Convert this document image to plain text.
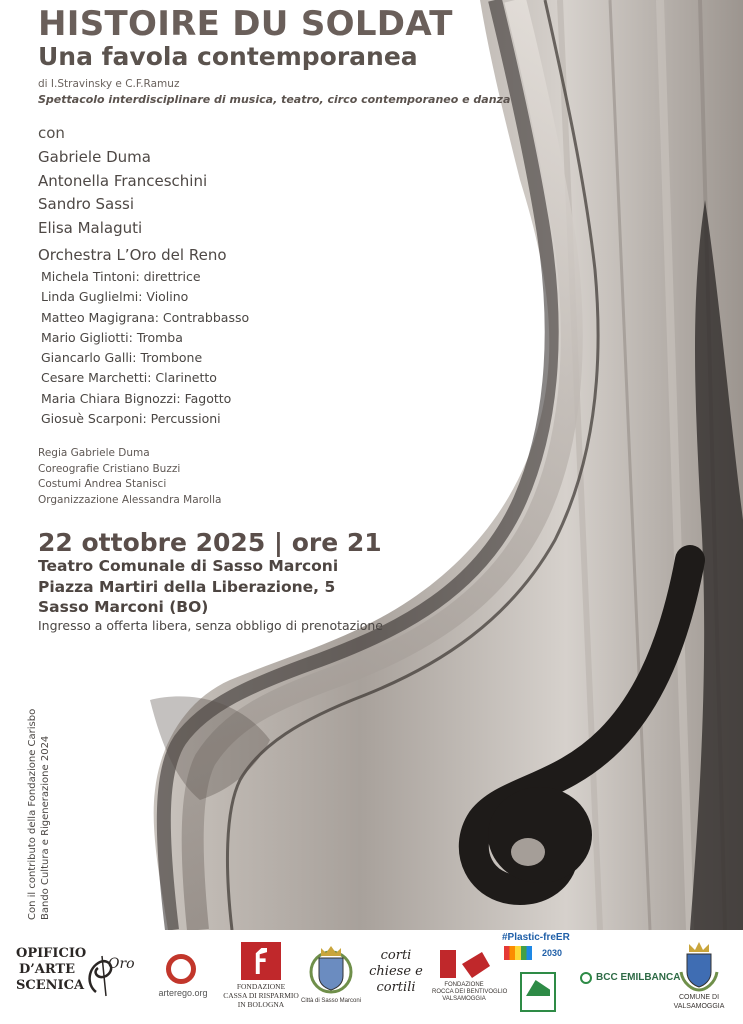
HISTOIRE DU SOLDAT
Una favola contemporanea
di I.Stravinsky e C.F.Ramuz
Spettacolo interdisciplinare di musica, teatro, circo contemporaneo e danza
con
Gabriele Duma
Antonella Franceschini
Sandro Sassi
Elisa Malaguti
Orchestra L’Oro del Reno
Michela Tintoni: direttrice
Linda Guglielmi: Violino
Matteo Magigrana: Contrabbasso
Mario Gigliotti: Tromba
Giancarlo Galli: Trombone
Cesare Marchetti: Clarinetto
Maria Chiara Bignozzi: Fagotto
Giosuè Scarponi: Percussioni
Regia Gabriele Duma
Coreografie Cristiano Buzzi
Costumi Andrea Stanisci
Organizzazione Alessandra Marolla
22 ottobre 2025 | ore 21
Teatro Comunale di Sasso Marconi
Piazza Martiri della Liberazione, 5
Sasso Marconi (BO)
Ingresso a offerta libera, senza obbligo di prenotazione
Con il contributo della Fondazione Carisbo Bando Cultura e Rigenerazione 2024
OPIFICIO
D’ARTE
SCENICA
Oro
arterego.org
FONDAZIONE
CASSA DI RISPARMIO
IN BOLOGNA	Città di Sasso Marconi
corti
chiese e
cortili	FONDAZIONE
ROCCA DEI BENTIVOGLIO
VALSAMOGGIA
#Plastic-freER
2030
BCC EMILBANCA
COMUNE DI
VALSAMOGGIA
